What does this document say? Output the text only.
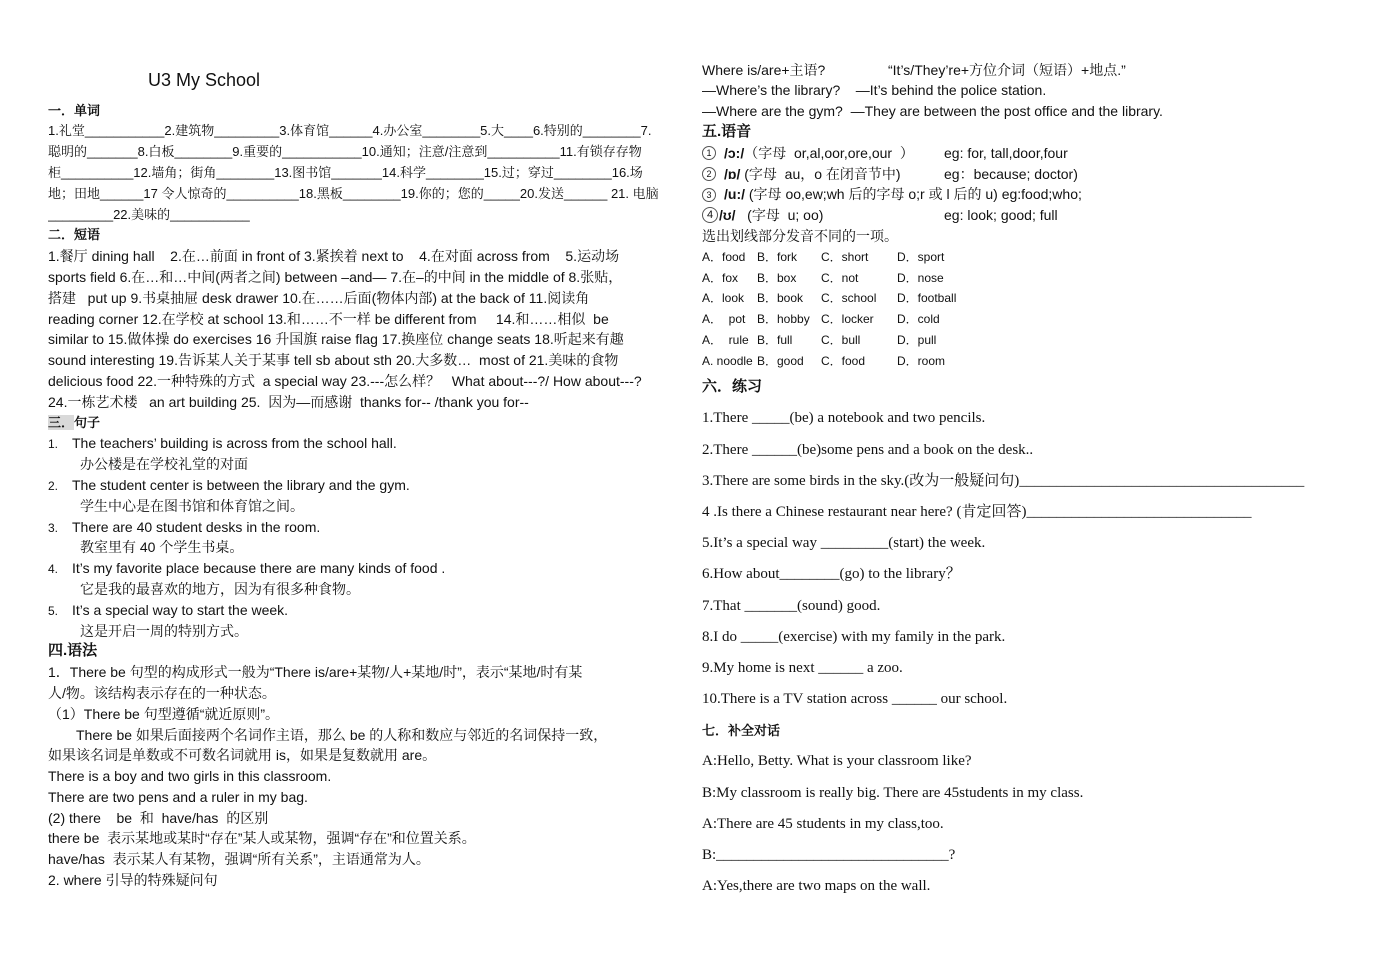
U3 My School
一．单词
1.礼堂___________2.建筑物_________3.体育馆______4.办公室________5.大____6.特别的________7.
聪明的_______8.白板________9.重要的___________10.通知；注意/注意到__________11.有锁存存物
柜__________12.墙角；街角________13.图书馆_______14.科学________15.过；穿过________16.场
地；田地______17 令人惊奇的__________18.黑板________19.你的；您的_____20.发送______ 21. 电脑
_________22.美味的___________
二．短语
1.餐厅 dining hall    2.在…前面 in front of 3.紧挨着 next to    4.在对面 across from    5.运动场
sports field 6.在…和…中间(两者之间) between –and— 7.在–的中间 in the middle of 8.张贴，
搭建   put up 9.书桌抽屉 desk drawer 10.在……后面(物体内部) at the back of 11.阅读角
reading corner 12.在学校 at school 13.和……不一样 be different from     14.和……相似  be
similar to 15.做体操 do exercises 16 升国旗 raise flag 17.换座位 change seats 18.听起来有趣
sound interesting 19.告诉某人关于某事 tell sb about sth 20.大多数…  most of 21.美味的食物
delicious food 22.一种特殊的方式  a special way 23.---怎么样？   What about---?/ How about---?
24.一栋艺术楼   an art building 25.  因为—而感谢  thanks for-- /thank you for--
三．句子
1. The teachers’ building is across from the school hall.
办公楼是在学校礼堂的对面
2. The student center is between the library and the gym.
学生中心是在图书馆和体育馆之间。
3. There are 40 student desks in the room.
教室里有 40 个学生书桌。
4. It’s my favorite place because there are many kinds of food .
它是我的最喜欢的地方，因为有很多种食物。
5. It’s a special way to start the week.
这是开启一周的特别方式。
四.语法
1．There be 句型的构成形式一般为“There is/are+某物/人+某地/时”，表示“某地/时有某
人/物。该结构表示存在的一种状态。
（1）There be 句型遵循“就近原则”。
There be 如果后面接两个名词作主语，那么 be 的人称和数应与邻近的名词保持一致，
如果该名词是单数或不可数名词就用 is，如果是复数就用 are。
There is a boy and two girls in this classroom.
There are two pens and a ruler in my bag.
(2) there    be  和  have/has  的区别
there be  表示某地或某时“存在”某人或某物，强调“存在”和位置关系。
have/has  表示某人有某物，强调“所有关系”，主语通常为人。
2. where 引导的特殊疑问句
Where is/are+主语?	“It’s/They’re+方位介词（短语）+地点.”
—Where’s the library?    —It’s behind the police station.
—Where are the gym?  —They are between the post office and the library.
五.语音
1 /ɔ:/（字母  or,al,oor,ore,our  ） eg: for, tall,door,four
2 /ɒ/ (字母  au，o 在闭音节中)	eg：because; doctor)
3 /u:/ (字母 oo,ew;wh 后的字母 o;r 或 l 后的 u) eg:food;who;
4 /ʊ/   (字母  u; oo)	eg: look; good; full
选出划线部分发音不同的一项。
A．food B．fork C．short D．sport
A．fox B．box C．not	D．nose
A．look B．book C．school D．football
A．  pot B．hobby C．locker D．cold
A．  rule B．full C．bull	D．pull
A. noodle B．good C．food	D．room
六．练习
1.There _____(be) a notebook and two pencils.
2.There ______(be)some pens and a book on the desk..
3.There are some birds in the sky.(改为一般疑问句)______________________________________
4 .Is there a Chinese restaurant near here? (肯定回答)______________________________
5.It’s a special way _________(start) the week.
6.How about________(go) to the library？
7.That _______(sound) good.
8.I do _____(exercise) with my family in the park.
9.My home is next ______ a zoo.
10.There is a TV station across ______ our school.
七．补全对话
A:Hello, Betty. What is your classroom like?
B:My classroom is really big. There are 45students in my class.
A:There are 45 students in my class,too.
B:_______________________________?
A:Yes,there are two maps on the wall.
